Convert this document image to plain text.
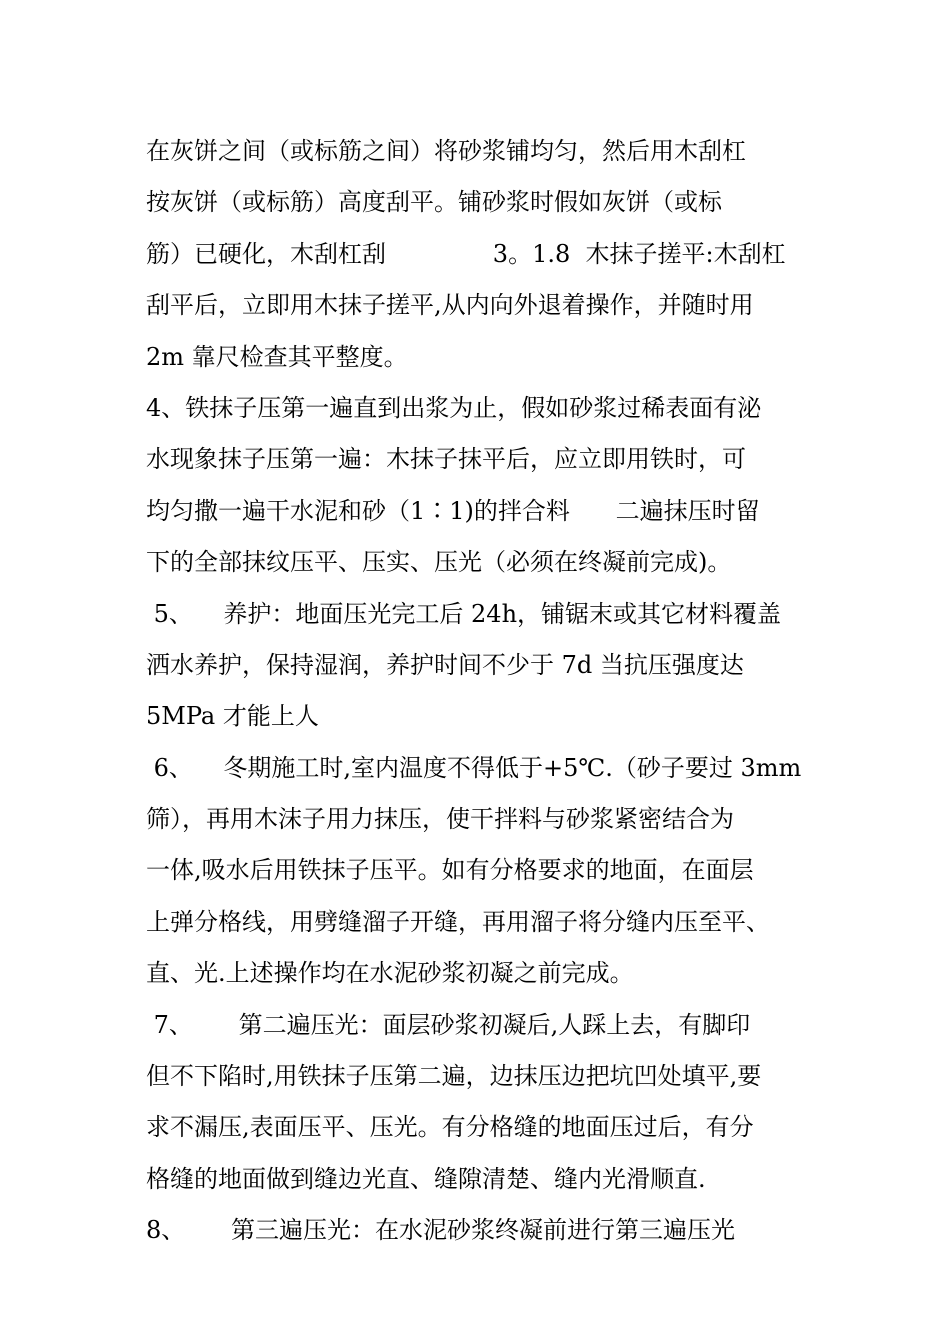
在灰饼之间（或标筋之间）将砂浆铺均匀，然后用木刮杠
按灰饼（或标筋）高度刮平。铺砂浆时假如灰饼（或标
筋）已硬化，木刮杠刮              3。1.8  木抹子搓平:木刮杠
刮平后，立即用木抹子搓平,从内向外退着操作，并随时用
2m 靠尺检查其平整度。
4、铁抹子压第一遍直到出浆为止，假如砂浆过稀表面有泌
水现象抹子压第一遍：木抹子抹平后，应立即用铁时，可
均匀撒一遍干水泥和砂（1∶1)的拌合料      二遍抹压时留
下的全部抹纹压平、压实、压光（必须在终凝前完成)。
5、    养护：地面压光完工后 24h，铺锯末或其它材料覆盖
洒水养护，保持湿润，养护时间不少于 7d 当抗压强度达
5MPa 才能上人
6、    冬期施工时,室内温度不得低于+5℃.（砂子要过 3mm
筛），再用木沫子用力抹压，使干拌料与砂浆紧密结合为
一体,吸水后用铁抹子压平。如有分格要求的地面，在面层
上弹分格线，用劈缝溜子开缝，再用溜子将分缝内压至平、
直、光.上述操作均在水泥砂浆初凝之前完成。
7、      第二遍压光：面层砂浆初凝后,人踩上去，有脚印
但不下陷时,用铁抹子压第二遍，边抹压边把坑凹处填平,要
求不漏压,表面压平、压光。有分格缝的地面压过后，有分
格缝的地面做到缝边光直、缝隙清楚、缝内光滑顺直.
8、      第三遍压光：在水泥砂浆终凝前进行第三遍压光
